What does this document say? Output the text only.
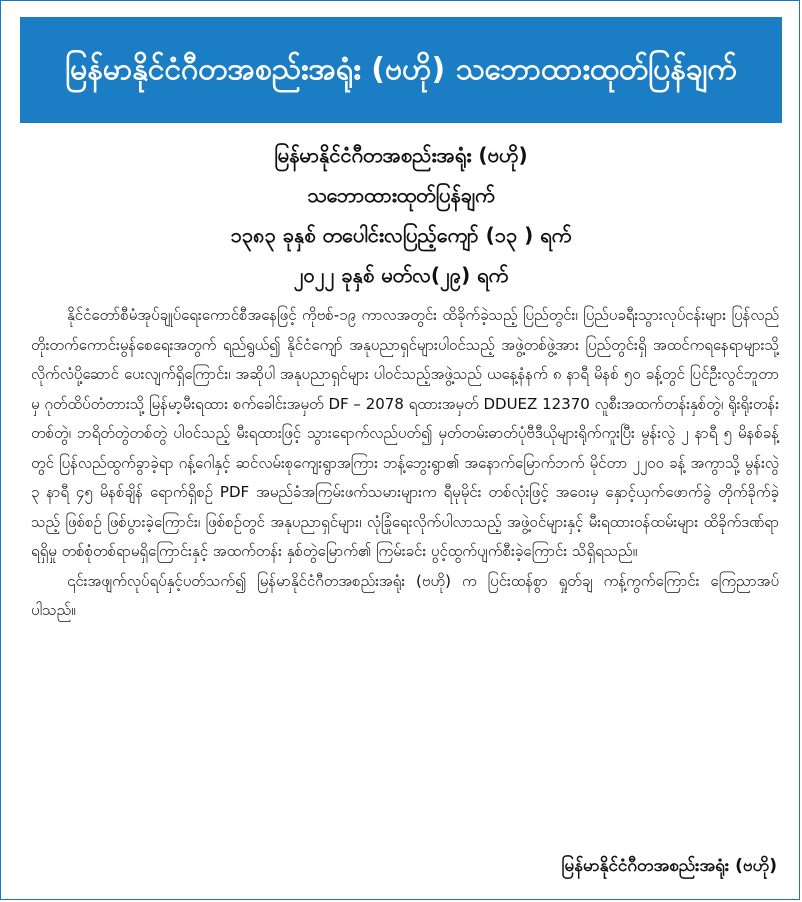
မြန်မာနိုင်ငံဂီတအစည်းအရုံး (ဗဟို) သဘောထားထုတ်ပြန်ချက်
မြန်မာနိုင်ငံဂီတအစည်းအရုံး (ဗဟို)
သဘောထားထုတ်ပြန်ချက်
၁၃၈၃ ခုနှစ် တပေါင်းလပြည့်ကျော် (၁၃ ) ရက်
၂၀၂၂ ခုနှစ် မတ်လ(၂၉) ရက်

နိုင်ငံတော်စီမံအုပ်ချုပ်ရေးကောင်စီအနေဖြင့် ကိုဗစ်-၁၉ ကာလအတွင်း ထိခိုက်ခဲ့သည့် ပြည်တွင်း၊ ပြည်ပခရီးသွားလုပ်ငန်းများ ပြန်လည်တိုးတက်ကောင်းမွန်စေရေးအတွက် ရည်ရွယ်၍ နိုင်ငံကျော် အနုပညာရှင်များပါဝင်သည့် အဖွဲ့တစ်ဖွဲ့အား ပြည်တွင်းရှိ အထင်ကရနေရာများသို့ လိုက်လံပို့ဆောင် ပေးလျက်ရှိကြောင်း၊ အဆိုပါ အနုပညာရှင်များ ပါဝင်သည့်အဖွဲ့သည် ယနေ့နံနက် ၈ နာရီ မိနစ် ၅၀ ခန့်တွင် ပြင်ဦးလွင်ဘူတာမှ ဂုတ်ထိပ်တံတားသို့ မြန်မာ့မီးရထား စက်ခေါင်းအမှတ် DF – 2078 ရထားအမှတ် DDUEZ 12370 လူစီးအထက်တန်းနှစ်တွဲ၊ ရိုးရိုးတန်းတစ်တွဲ၊ ဘရိတ်တွဲတစ်တွဲ ပါဝင်သည့် မီးရထားဖြင့် သွားရောက်လည်ပတ်၍ မှတ်တမ်းဓာတ်ပုံဗီဒီယိုများရိုက်ကူးပြီး မွန်းလွဲ ၂ နာရီ ၅ မိနစ်ခန့်တွင် ပြန်လည်ထွက်ခွာခဲ့ရာ ဂန့်ဂေါနှင့် ဆင်လမ်းစုကျေးရွာအကြား ဘန့်ဘွေးရွာ၏ အနောက်မြောက်ဘက် မိုင်တာ ၂၂၀၀ ခန့် အကွာသို့ မွန်းလွဲ ၃ နာရီ ၄၅ မိနစ်ချိန် ရောက်ရှိစဉ် PDF အမည်ခံအကြမ်းဖက်သမားများက ရီမုမိုင်း တစ်လုံးဖြင့် အဝေးမှ နှောင့်ယှက်ဖောက်ခွဲ တိုက်ခိုက်ခဲ့သည့် ဖြစ်စဉ် ဖြစ်ပွားခဲ့ကြောင်း၊ ဖြစ်စဉ်တွင် အနုပညာရှင်များ၊ လုံခြုံရေးလိုက်ပါလာသည့် အဖွဲ့ဝင်များနှင့် မီးရထားဝန်ထမ်းများ ထိခိုက်ဒဏ်ရာရရှိမှု တစ်စုံတစ်ရာမရှိကြောင်းနှင့် အထက်တန်း နှစ်တွဲမြောက်၏ ကြမ်းခင်း ပွင့်ထွက်ပျက်စီးခဲ့ကြောင်း သိရှိရသည်။

၎င်းအဖျက်လုပ်ရပ်နှင့်ပတ်သက်၍ မြန်မာနိုင်ငံဂီတအစည်းအရုံး (ဗဟို) က ပြင်းထန်စွာ ရှုတ်ချ ကန့်ကွက်ကြောင်း ကြေညာအပ်ပါသည်။

မြန်မာနိုင်ငံဂီတအစည်းအရုံး (ဗဟို)
